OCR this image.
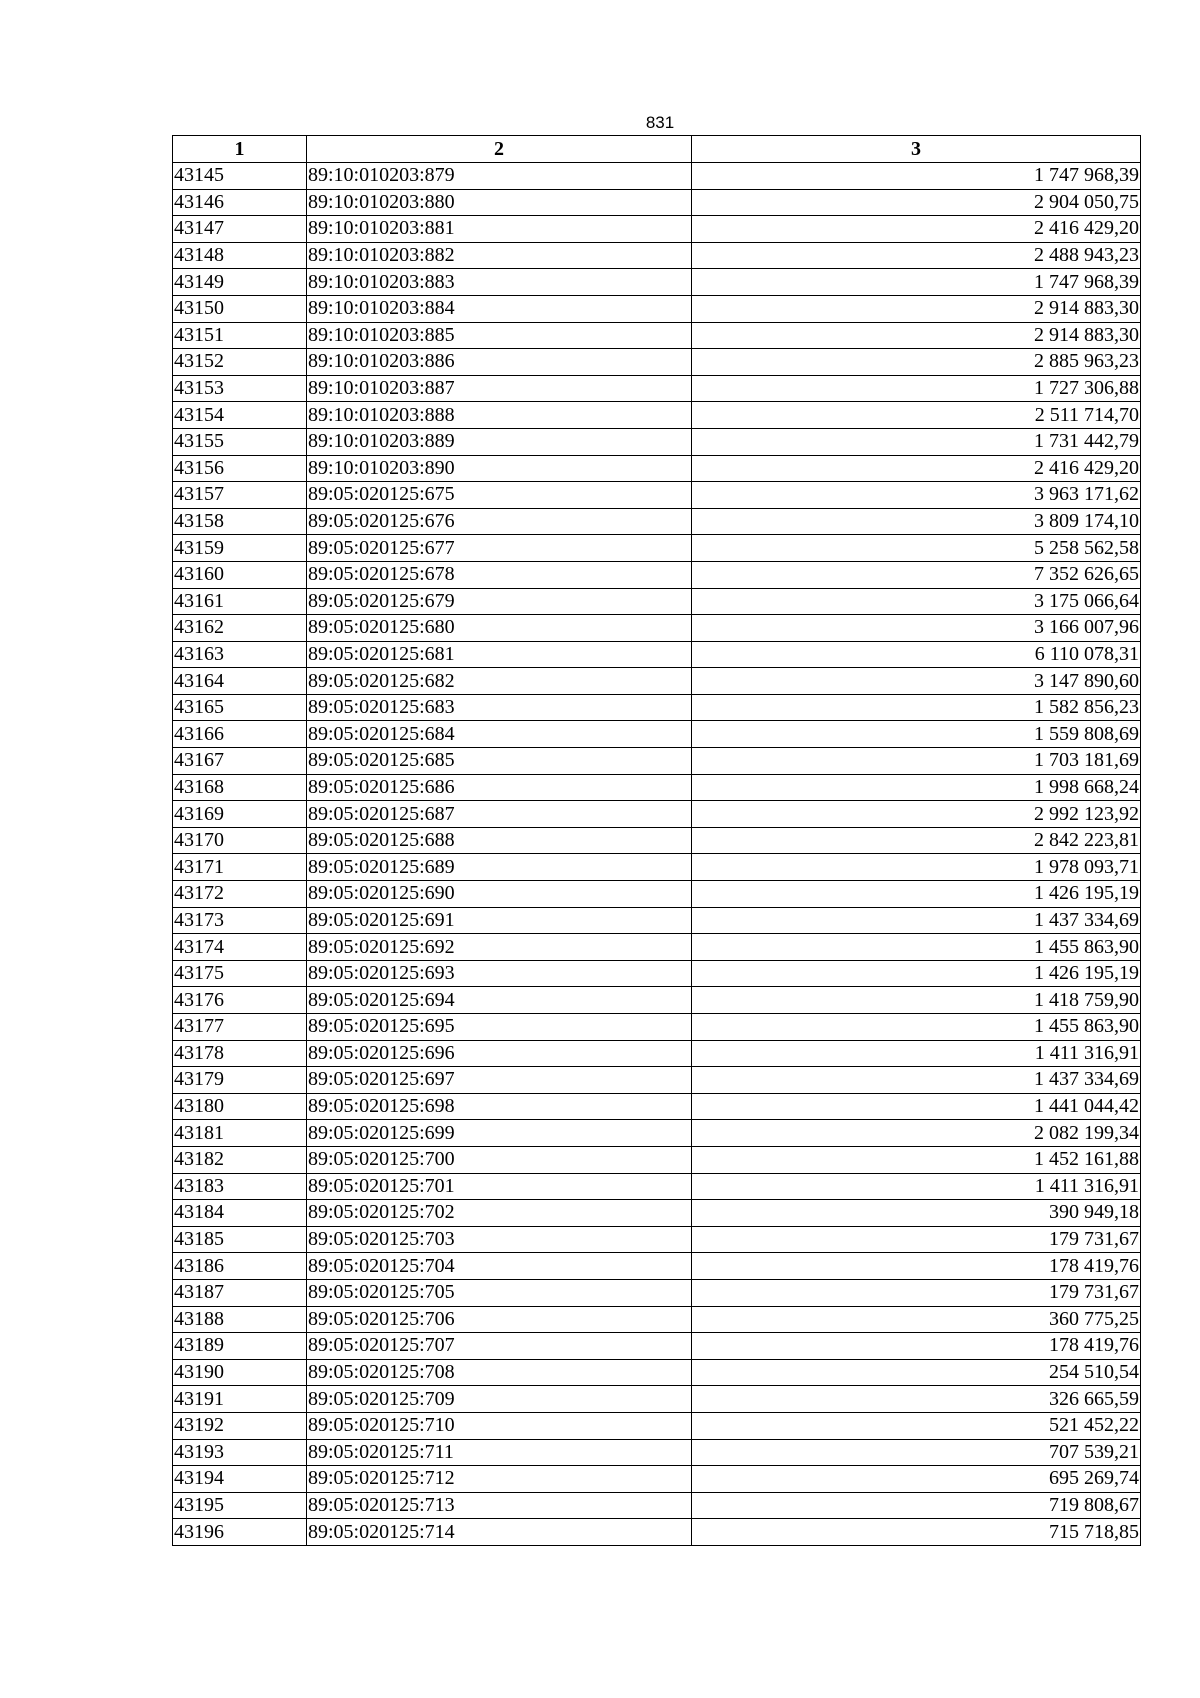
831
1	2	3
43145	89:10:010203:879	1 747 968,39
43146	89:10:010203:880	2 904 050,75
43147	89:10:010203:881	2 416 429,20
43148	89:10:010203:882	2 488 943,23
43149	89:10:010203:883	1 747 968,39
43150	89:10:010203:884	2 914 883,30
43151	89:10:010203:885	2 914 883,30
43152	89:10:010203:886	2 885 963,23
43153	89:10:010203:887	1 727 306,88
43154	89:10:010203:888	2 511 714,70
43155	89:10:010203:889	1 731 442,79
43156	89:10:010203:890	2 416 429,20
43157	89:05:020125:675	3 963 171,62
43158	89:05:020125:676	3 809 174,10
43159	89:05:020125:677	5 258 562,58
43160	89:05:020125:678	7 352 626,65
43161	89:05:020125:679	3 175 066,64
43162	89:05:020125:680	3 166 007,96
43163	89:05:020125:681	6 110 078,31
43164	89:05:020125:682	3 147 890,60
43165	89:05:020125:683	1 582 856,23
43166	89:05:020125:684	1 559 808,69
43167	89:05:020125:685	1 703 181,69
43168	89:05:020125:686	1 998 668,24
43169	89:05:020125:687	2 992 123,92
43170	89:05:020125:688	2 842 223,81
43171	89:05:020125:689	1 978 093,71
43172	89:05:020125:690	1 426 195,19
43173	89:05:020125:691	1 437 334,69
43174	89:05:020125:692	1 455 863,90
43175	89:05:020125:693	1 426 195,19
43176	89:05:020125:694	1 418 759,90
43177	89:05:020125:695	1 455 863,90
43178	89:05:020125:696	1 411 316,91
43179	89:05:020125:697	1 437 334,69
43180	89:05:020125:698	1 441 044,42
43181	89:05:020125:699	2 082 199,34
43182	89:05:020125:700	1 452 161,88
43183	89:05:020125:701	1 411 316,91
43184	89:05:020125:702	390 949,18
43185	89:05:020125:703	179 731,67
43186	89:05:020125:704	178 419,76
43187	89:05:020125:705	179 731,67
43188	89:05:020125:706	360 775,25
43189	89:05:020125:707	178 419,76
43190	89:05:020125:708	254 510,54
43191	89:05:020125:709	326 665,59
43192	89:05:020125:710	521 452,22
43193	89:05:020125:711	707 539,21
43194	89:05:020125:712	695 269,74
43195	89:05:020125:713	719 808,67
43196	89:05:020125:714	715 718,85
